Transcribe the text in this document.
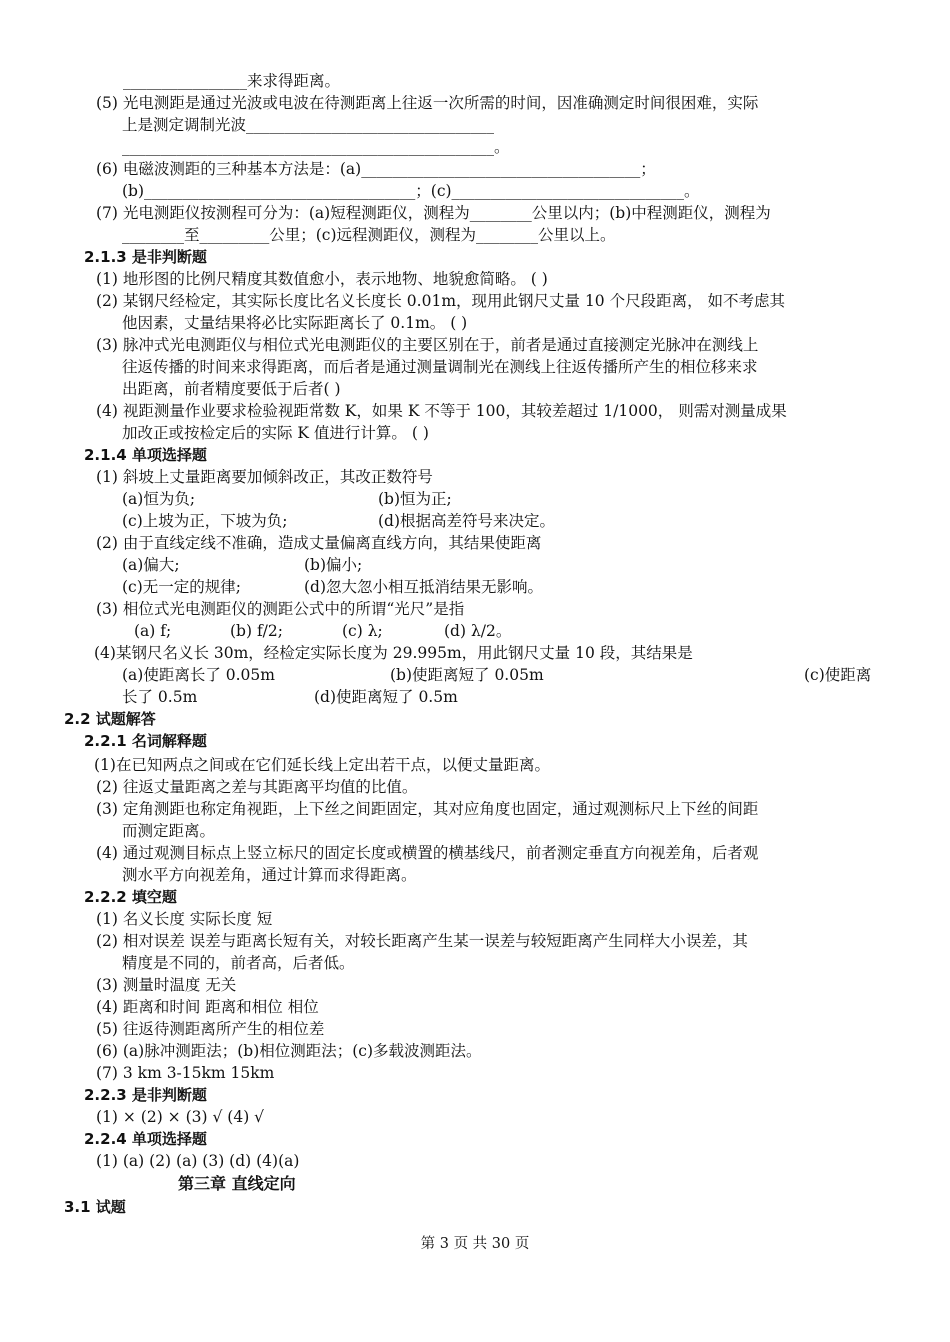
________________来求得距离。
(5) 光电测距是通过光波或电波在待测距离上往返一次所需的时间，因准确测定时间很困难，实际
上是测定调制光波________________________________
________________________________________________。
(6) 电磁波测距的三种基本方法是：(a)____________________________________；
(b)___________________________________；(c)______________________________。
(7) 光电测距仪按测程可分为：(a)短程测距仪，测程为________公里以内；(b)中程测距仪，测程为
________至_________公里；(c)远程测距仪，测程为________公里以上。
2.1.3 是非判断题
(1) 地形图的比例尺精度其数值愈小，表示地物、地貌愈简略。 ( )
(2) 某钢尺经检定，其实际长度比名义长度长 0.01m，现用此钢尺丈量 10 个尺段距离， 如不考虑其
他因素，丈量结果将必比实际距离长了 0.1m。 ( )
(3) 脉冲式光电测距仪与相位式光电测距仪的主要区别在于，前者是通过直接测定光脉冲在测线上
往返传播的时间来求得距离，而后者是通过测量调制光在测线上往返传播所产生的相位移来求
出距离，前者精度要低于后者( )
(4) 视距测量作业要求检验视距常数 K，如果 K 不等于 100，其较差超过 1/1000， 则需对测量成果
加改正或按检定后的实际 K 值进行计算。 ( )
2.1.4 单项选择题
(1) 斜坡上丈量距离要加倾斜改正，其改正数符号
(a)恒为负;	(b)恒为正;
(c)上坡为正，下坡为负;	(d)根据高差符号来决定。
(2) 由于直线定线不准确，造成丈量偏离直线方向，其结果使距离
(a)偏大;	(b)偏小;
(c)无一定的规律;	(d)忽大忽小相互抵消结果无影响。
(3) 相位式光电测距仪的测距公式中的所谓“光尺”是指
(a) f;	(b) f/2;	(c) λ;	(d) λ/2。
(4)某钢尺名义长 30m，经检定实际长度为 29.995m，用此钢尺丈量 10 段，其结果是
(a)使距离长了 0.05m	(b)使距离短了 0.05m	(c)使距离
长了 0.5m	(d)使距离短了 0.5m
2.2 试题解答
2.2.1 名词解释题
(1)在已知两点之间或在它们延长线上定出若干点，以便丈量距离。
(2) 往返丈量距离之差与其距离平均值的比值。
(3) 定角测距也称定角视距，上下丝之间距固定，其对应角度也固定，通过观测标尺上下丝的间距
而测定距离。
(4) 通过观测目标点上竖立标尺的固定长度或横置的横基线尺，前者测定垂直方向视差角，后者观
测水平方向视差角，通过计算而求得距离。
2.2.2 填空题
(1) 名义长度 实际长度 短
(2) 相对误差 误差与距离长短有关，对较长距离产生某一误差与较短距离产生同样大小误差，其
精度是不同的，前者高，后者低。
(3) 测量时温度 无关
(4) 距离和时间 距离和相位 相位
(5) 往返待测距离所产生的相位差
(6) (a)脉冲测距法；(b)相位测距法；(c)多载波测距法。
(7) 3 km 3-15km 15km
2.2.3 是非判断题
(1) × (2) × (3) √ (4) √
2.2.4 单项选择题
(1) (a) (2) (a) (3) (d) (4)(a)
第三章 直线定向
3.1 试题
第 3 页 共 30 页
